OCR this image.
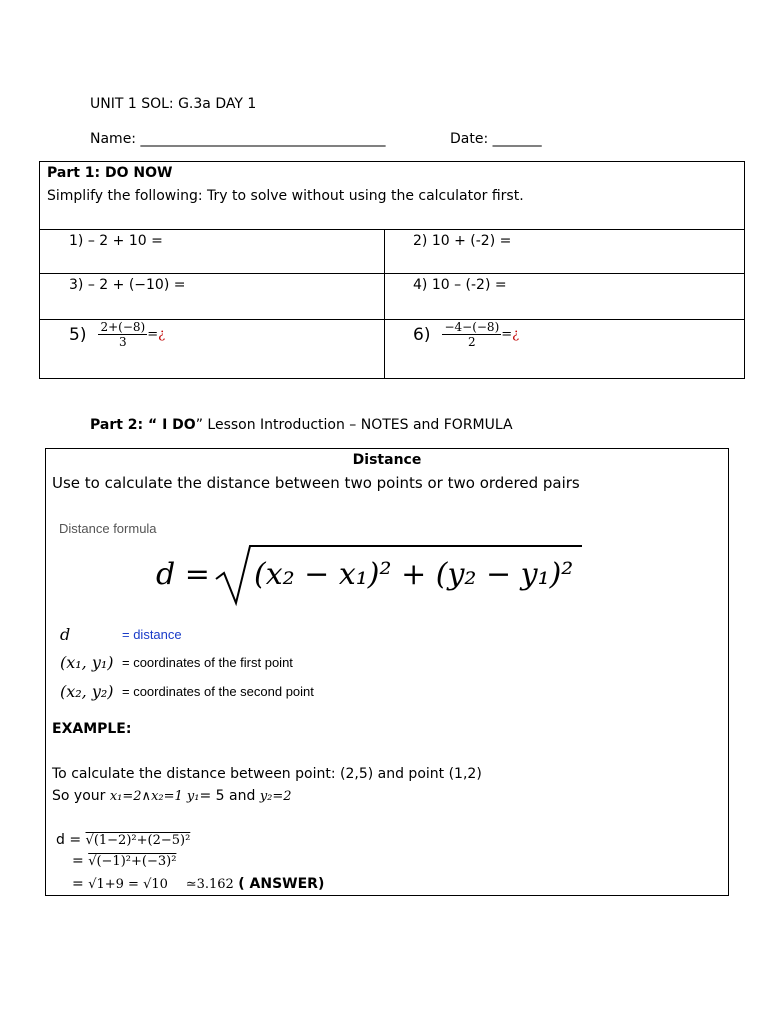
UNIT 1 SOL: G.3a DAY 1
Name: ___________________________________	Date: _______
Part 1: DO NOW
Simplify the following: Try to solve without using the calculator first.
1) – 2 + 10 =	2) 10 + (-2) =
3) – 2 + (−10) =	4) 10 – (-2) =
$5) \frac{2+(-8)}{3}$ = ¿	$6) \frac{-4-(-8)}{2}$ = ¿
Part 2: “ I DO” Lesson Introduction – NOTES and FORMULA
Distance
Use to calculate the distance between two points or two ordered pairs
Distance formula
d = (x₂ − x₁)² + (y₂ − y₁)²
d	= distance
(x₁, y₁) = coordinates of the first point
(x₂, y₂) = coordinates of the second point
EXAMPLE:
To calculate the distance between point: (2,5) and point (1,2)
So your x₁=2∧x₂=1 y₁= 5 and y₂=2
d = √(1−2)²+(2−5)²
= √(−1)²+(−3)²
= √1+9 = √10 ≃3.162 ( ANSWER)
